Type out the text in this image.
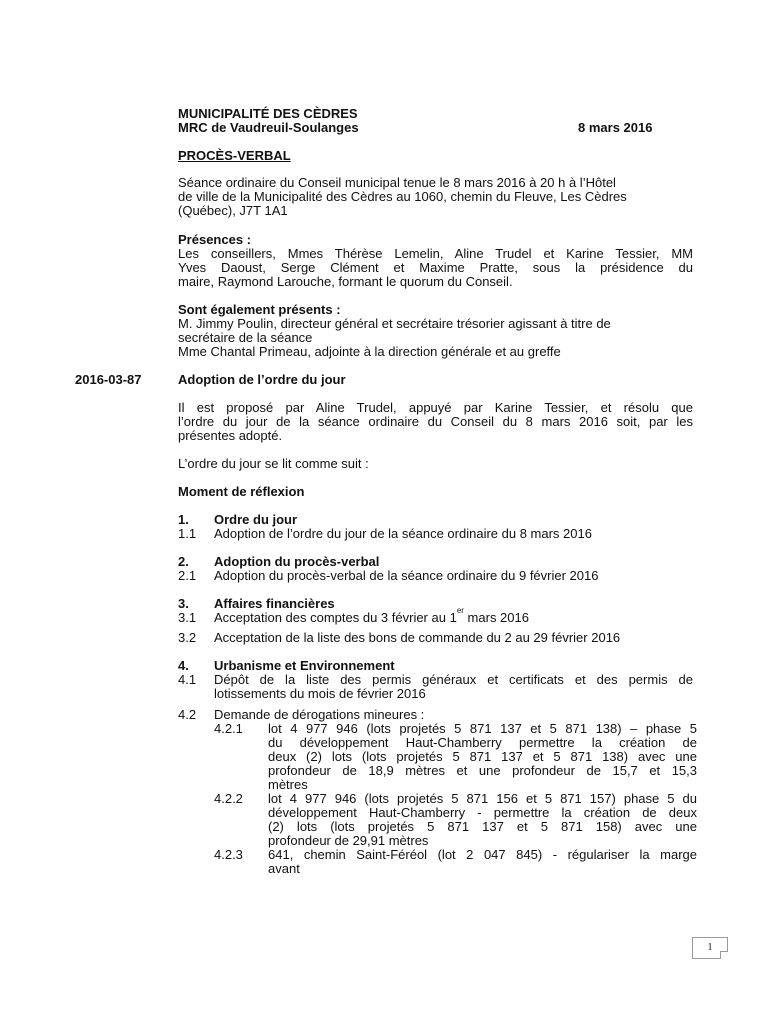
MUNICIPALITÉ DES CÈDRES
MRC de Vaudreuil-Soulanges	8 mars 2016
PROCÈS-VERBAL
Séance ordinaire du Conseil municipal tenue le 8 mars 2016 à 20 h à l’Hôtel
de ville de la Municipalité des Cèdres au 1060, chemin du Fleuve, Les Cèdres
(Québec), J7T 1A1
Présences :
Les conseillers, Mmes Thérèse Lemelin, Aline Trudel et Karine Tessier, MM
Yves Daoust, Serge Clément et Maxime Pratte, sous la présidence du
maire, Raymond Larouche, formant le quorum du Conseil.
Sont également présents :
M. Jimmy Poulin, directeur général et secrétaire trésorier agissant à titre de
secrétaire de la séance
Mme Chantal Primeau, adjointe à la direction générale et au greffe
2016-03-87	Adoption de l’ordre du jour
Il est proposé par Aline Trudel, appuyé par Karine Tessier, et résolu que
l’ordre du jour de la séance ordinaire du Conseil du 8 mars 2016 soit, par les
présentes adopté.
L’ordre du jour se lit comme suit :
Moment de réflexion
1. Ordre du jour
1.1 Adoption de l’ordre du jour de la séance ordinaire du 8 mars 2016
2. Adoption du procès-verbal
2.1 Adoption du procès-verbal de la séance ordinaire du 9 février 2016
3. Affaires financières
3.1 Acceptation des comptes du 3 février au 1er mars 2016
3.2 Acceptation de la liste des bons de commande du 2 au 29 février 2016
4. Urbanisme et Environnement
4.1 Dépôt de la liste des permis généraux et certificats et des permis de
lotissements du mois de février 2016
4.2 Demande de dérogations mineures :
4.2.1 lot 4 977 946 (lots projetés 5 871 137 et 5 871 138) – phase 5
du développement Haut-Chamberry permettre la création de
deux (2) lots (lots projetés 5 871 137 et 5 871 138) avec une
profondeur de 18,9 mètres et une profondeur de 15,7 et 15,3
mètres
4.2.2 lot 4 977 946 (lots projetés 5 871 156 et 5 871 157) phase 5 du
développement Haut-Chamberry - permettre la création de deux
(2) lots (lots projetés 5 871 137 et 5 871 158) avec une
profondeur de 29,91 mètres
4.2.3 641, chemin Saint-Féréol (lot 2 047 845) - régulariser la marge
avant
1
